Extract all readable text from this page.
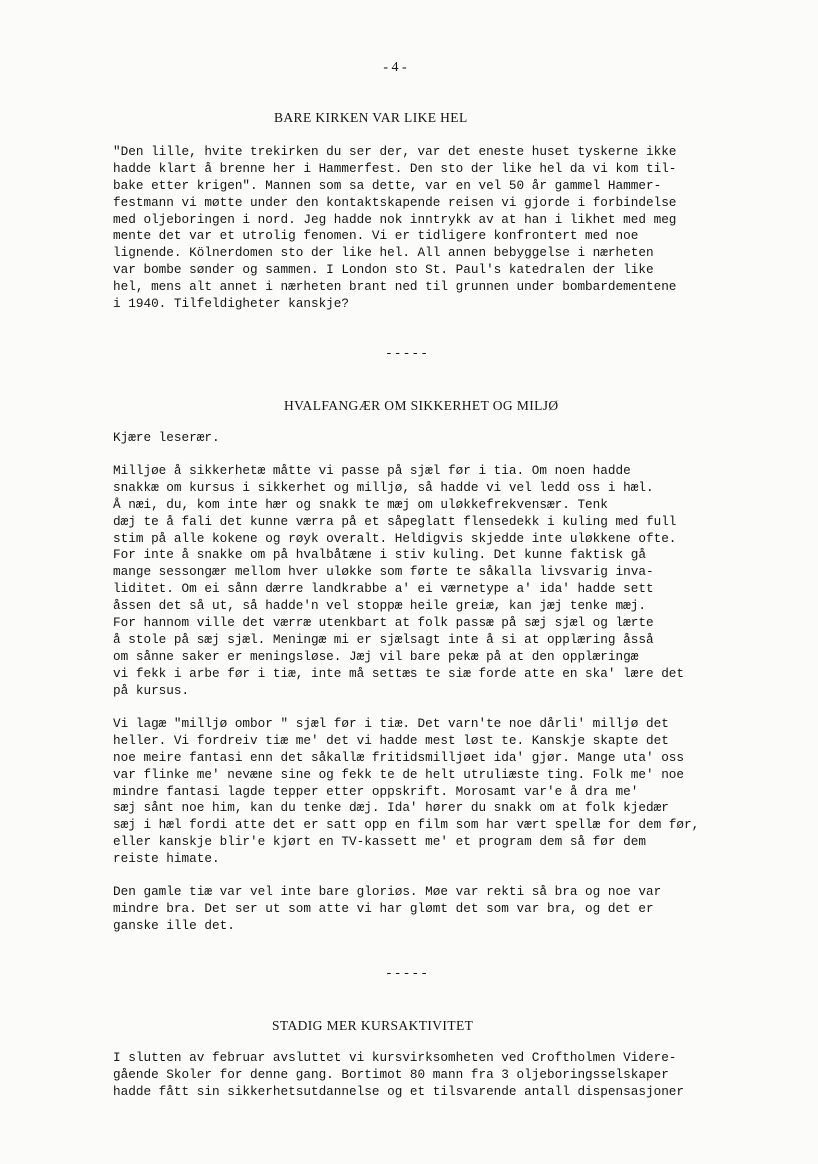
- 4 -
BARE KIRKEN VAR LIKE HEL
"Den lille, hvite trekirken du ser der, var det eneste huset tyskerne ikke
hadde klart å brenne her i Hammerfest. Den sto der like hel da vi kom til-
bake etter krigen". Mannen som sa dette, var en vel 50 år gammel Hammer-
festmann vi møtte under den kontaktskapende reisen vi gjorde i forbindelse
med oljeboringen i nord. Jeg hadde nok inntrykk av at han i likhet med meg
mente det var et utrolig fenomen. Vi er tidligere konfrontert med noe
lignende. Kölnerdomen sto der like hel. All annen bebyggelse i nærheten
var bombe sønder og sammen. I London sto St. Paul's katedralen der like
hel, mens alt annet i nærheten brant ned til grunnen under bombardementene
i 1940. Tilfeldigheter kanskje?
-----
HVALFANGÆR OM SIKKERHET OG MILJØ
Kjære leserær.
Milljøe å sikkerhetæ måtte vi passe på sjæl før i tia. Om noen hadde
snakkæ om kursus i sikkerhet og milljø, så hadde vi vel ledd oss i hæl.
Å næi, du, kom inte hær og snakk te mæj om uløkkefrekvensær. Tenk
dæj te å fali det kunne værra på et såpeglatt flensedekk i kuling med full
stim på alle kokene og røyk overalt. Heldigvis skjedde inte uløkkene ofte.
For inte å snakke om på hvalbåtæne i stiv kuling. Det kunne faktisk gå
mange sessongær mellom hver uløkke som førte te såkalla livsvarig inva-
liditet. Om ei sånn dærre landkrabbe a' ei værnetype a' ida' hadde sett
åssen det så ut, så hadde'n vel stoppæ heile greiæ, kan jæj tenke mæj.
For hannom ville det værræ utenkbart at folk passæ på sæj sjæl og lærte
å stole på sæj sjæl. Meningæ mi er sjælsagt inte å si at opplæring åsså
om sånne saker er meningsløse. Jæj vil bare pekæ på at den opplæringæ
vi fekk i arbe før i tiæ, inte må settæs te siæ forde atte en ska' lære det
på kursus.
Vi lagæ "milljø ombor " sjæl før i tiæ. Det varn'te noe dårli' milljø det
heller. Vi fordreiv tiæ me' det vi hadde mest løst te. Kanskje skapte det
noe meire fantasi enn det såkallæ fritidsmilljøet ida' gjør. Mange uta' oss
var flinke me' nevæne sine og fekk te de helt utruliæste ting. Folk me' noe
mindre fantasi lagde tepper etter oppskrift. Morosamt var'e å dra me'
sæj sånt noe him, kan du tenke dæj. Ida' hører du snakk om at folk kjedær
sæj i hæl fordi atte det er satt opp en film som har vært spellæ for dem før,
eller kanskje blir'e kjørt en TV-kassett me' et program dem så før dem
reiste himate.
Den gamle tiæ var vel inte bare gloriøs. Møe var rekti så bra og noe var
mindre bra. Det ser ut som atte vi har glømt det som var bra, og det er
ganske ille det.
-----
STADIG MER KURSAKTIVITET
I slutten av februar avsluttet vi kursvirksomheten ved Croftholmen Videre-
gående Skoler for denne gang. Bortimot 80 mann fra 3 oljeboringsselskaper
hadde fått sin sikkerhetsutdannelse og et tilsvarende antall dispensasjoner
